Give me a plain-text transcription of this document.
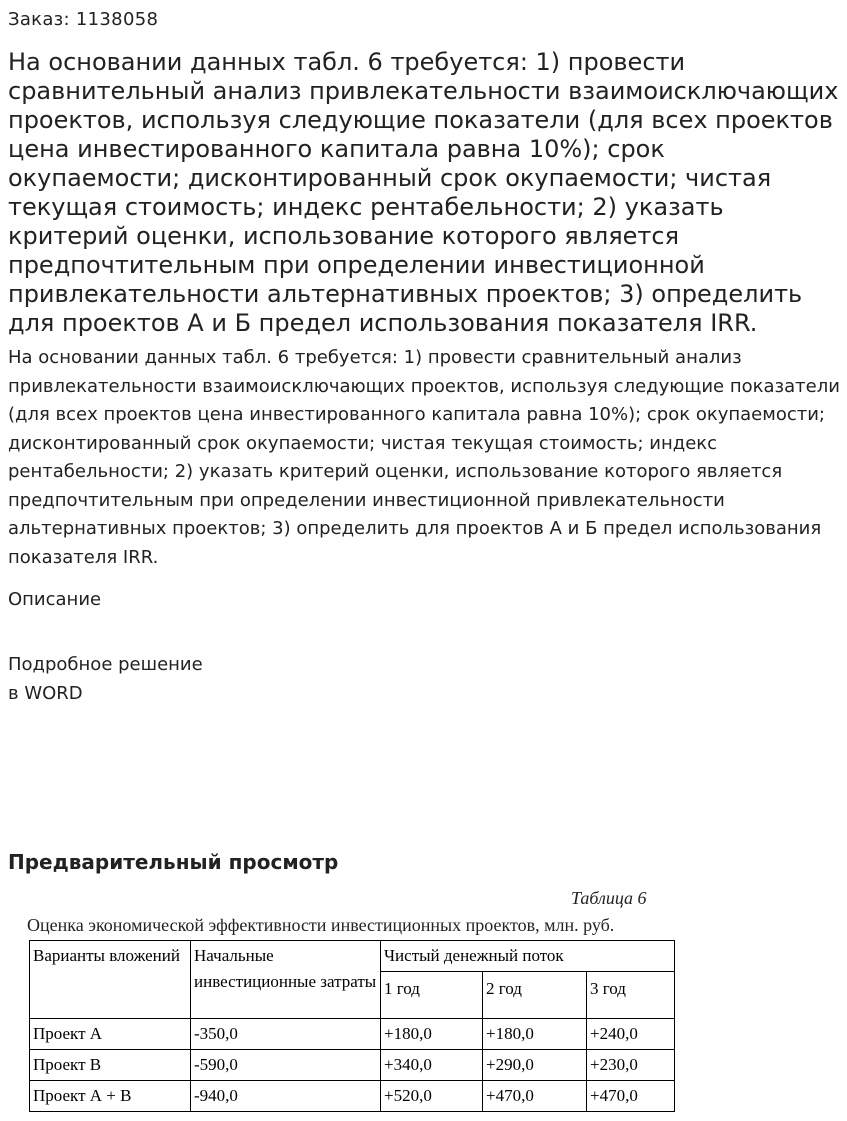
Заказ: 1138058
На основании данных табл. 6 требуется: 1) провести сравнительный анализ привлекательности взаимоисключающих проектов, используя следующие показатели (для всех проектов цена инвестированного капитала равна 10%); срок окупаемости; дисконтированный срок окупаемости; чистая текущая стоимость; индекс рентабельности; 2) указать критерий оценки, использование которого является предпочтительным при определении инвестиционной привлекательности альтернативных проектов; 3) определить для проектов А и Б предел использования показателя IRR.
На основании данных табл. 6 требуется: 1) провести сравнительный анализ привлекательности взаимоисключающих проектов, используя следующие показатели (для всех проектов цена инвестированного капитала равна 10%); срок окупаемости; дисконтированный срок окупаемости; чистая текущая стоимость; индекс рентабельности; 2) указать критерий оценки, использование которого является предпочтительным при определении инвестиционной привлекательности альтернативных проектов; 3) определить для проектов А и Б предел использования показателя IRR.
Описание
Подробное решение
в WORD
Предварительный просмотр
Таблица 6
Оценка экономической эффективности инвестиционных проектов, млн. руб.
Варианты вложений	Начальные инвестиционные затраты	Чистый денежный поток		
		1 год	2 год	3 год
Проект А	-350,0	+180,0	+180,0	+240,0
Проект В	-590,0	+340,0	+290,0	+230,0
Проект А + В	-940,0	+520,0	+470,0	+470,0
